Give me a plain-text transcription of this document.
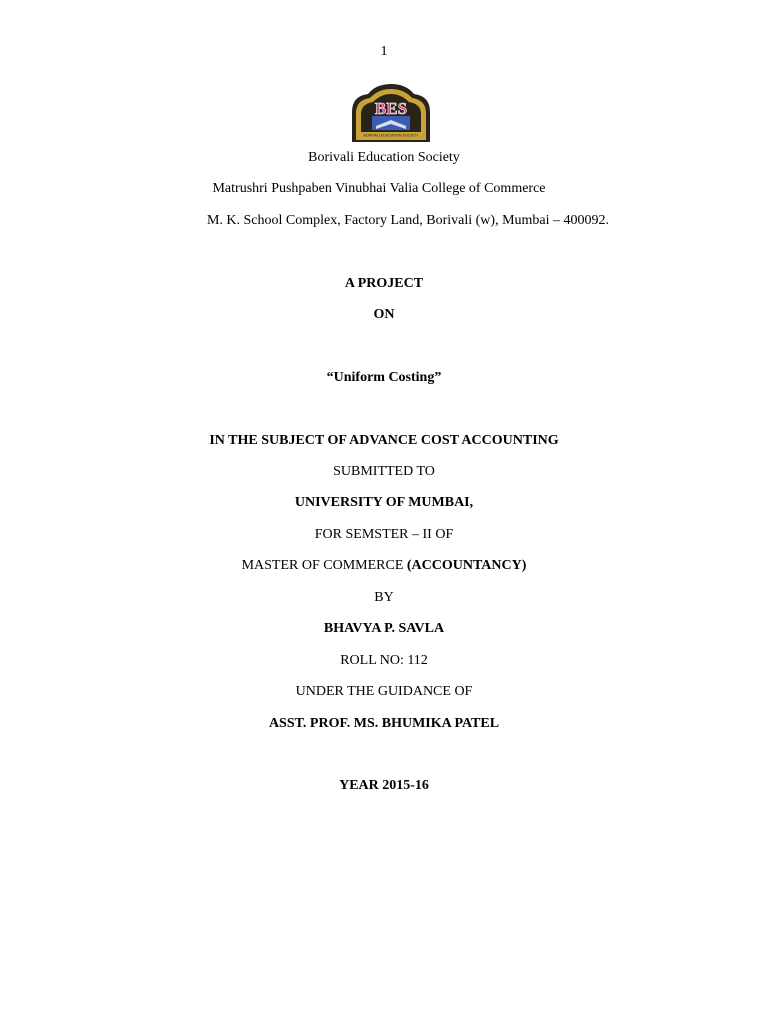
1
BES
BORIVALI EDUCATION SOCIETY
Borivali Education Society
Matrushri Pushpaben Vinubhai Valia College of Commerce
M. K. School Complex, Factory Land, Borivali (w), Mumbai – 400092.
A PROJECT
ON
“Uniform Costing”
IN THE SUBJECT OF ADVANCE COST ACCOUNTING
SUBMITTED TO
UNIVERSITY OF MUMBAI,
FOR SEMSTER – II OF
MASTER OF COMMERCE (ACCOUNTANCY)
BY
BHAVYA P. SAVLA
ROLL NO: 112
UNDER THE GUIDANCE OF
ASST. PROF. MS. BHUMIKA PATEL
YEAR 2015-16
